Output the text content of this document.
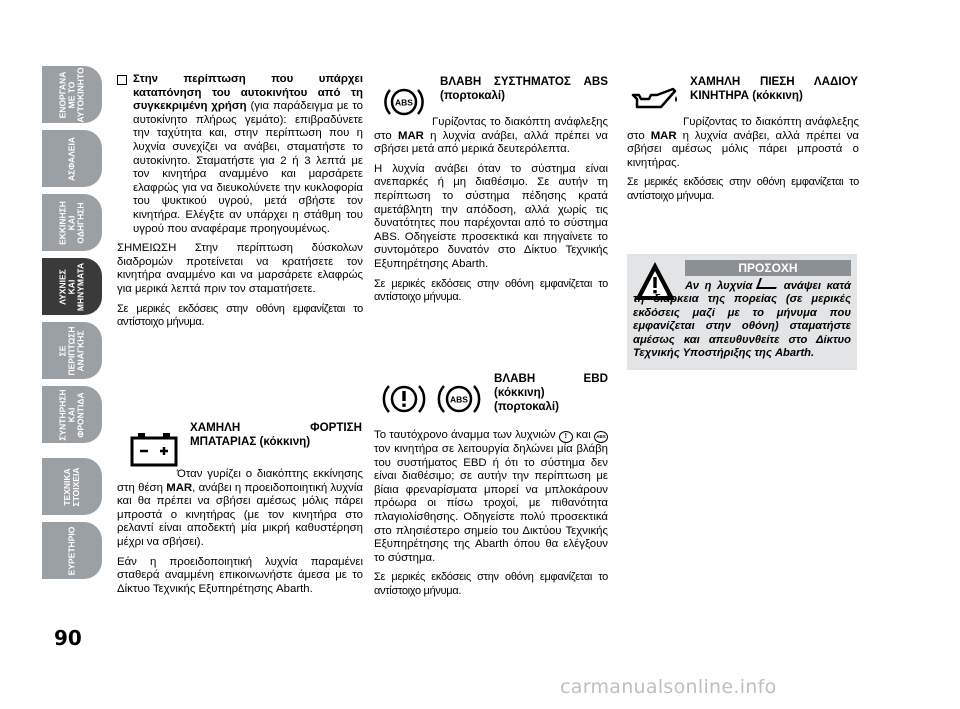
ΕΝΟΡΓΑΝΑ
ΜΕ ΤΟ
ΑΥΤΟΚΙΝΗΤΟ
ΑΣΦΑΛΕΙΑ
ΕΚΚΙΝΗΣΗ
ΚΑΙ
ΟΔΗΓΗΣΗ
ΛΥΧΝΙΕΣ
ΚΑΙ
ΜΗΝΥΜΑΤΑ
ΣΕ
ΠΕΡΙΠΤΩΣΗ
ΑΝΑΓΚΗΣ
ΣΥΝΤΗΡΗΣΗ
ΚΑΙ
ΦΡΟΝΤΙΔΑ
ΤΕΧΝΙΚΑ
ΣΤΟΙΧΕΙΑ
ΕΥΡΕΤΗΡΙΟ
90

Στην περίπτωση που υπάρχει καταπόνηση του αυτοκινήτου από τη συγκεκριμένη χρήση (για παράδειγμα με το αυτοκίνητο πλήρως γεμάτο): επιβραδύνετε την ταχύτητα και, στην περίπτωση που η λυχνία συνεχίζει να ανάβει, σταματήστε το αυτοκίνητο. Σταματήστε για 2 ή 3 λεπτά με τον κινητήρα αναμμένο και μαρσάρετε ελαφρώς για να διευκολύνετε την κυκλοφορία του ψυκτικού υγρού, μετά σβήστε τον κινητήρα. Ελέγξτε αν υπάρχει η στάθμη του υγρού που αναφέραμε προηγουμένως.

ΣΗΜΕΙΩΣΗ Στην περίπτωση δύσκολων διαδρομών προτείνεται να κρατήσετε τον κινητήρα αναμμένο και να μαρσάρετε ελαφρώς για μερικά λεπτά πριν τον σταματήσετε.

Σε μερικές εκδόσεις στην οθόνη εμφανίζεται το αντίστοιχο μήνυμα.

ΧΑΜΗΛΗ ΦΟΡΤΙΣΗ ΜΠΑΤΑΡΙΑΣ (κόκκινη)

Όταν γυρίζει ο διακόπτης εκκίνησης στη θέση MAR, ανάβει η προειδοποιητική λυχνία και θα πρέπει να σβήσει αμέσως μόλις πάρει μπροστά ο κινητήρας (με τον κινητήρα στο ρελαντί είναι αποδεκτή μία μικρή καθυστέρηση μέχρι να σβήσει).

Εάν η προειδοποιητική λυχνία παραμένει σταθερά αναμμένη επικοινωνήστε άμεσα με το Δίκτυο Τεχνικής Εξυπηρέτησης Abarth.

ABS
ΒΛΑΒΗ ΣΥΣΤΗΜΑΤΟΣ ABS (πορτοκαλί)

Γυρίζοντας το διακόπτη ανάφλεξης στο MAR η λυχνία ανάβει, αλλά πρέπει να σβήσει μετά από μερικά δευτερόλεπτα.

Η λυχνία ανάβει όταν το σύστημα είναι ανεπαρκές ή μη διαθέσιμο. Σε αυτήν τη περίπτωση το σύστημα πέδησης κρατά αμετάβλητη την απόδοση, αλλά χωρίς τις δυνατότητες που παρέχονται από το σύστημα ABS. Οδηγείστε προσεκτικά και πηγαίνετε το συντομότερο δυνατόν στο Δίκτυο Τεχνικής Εξυπηρέτησης Abarth.

Σε μερικές εκδόσεις στην οθόνη εμφανίζεται το αντίστοιχο μήνυμα.

ABS
ΒΛΑΒΗ EBD (κόκκινη) (πορτοκαλί)

Το ταυτόχρονο άναμμα των λυχνιών ! και ABS τον κινητήρα σε λειτουργία δηλώνει μία βλάβη του συστήματος EBD ή ότι το σύστημα δεν είναι διαθέσιμο; σε αυτήν την περίπτωση με βίαια φρεναρίσματα μπορεί να μπλοκάρουν πρόωρα οι πίσω τροχοί, με πιθανότητα πλαγιολίσθησης. Οδηγείστε πολύ προσεκτικά στο πλησιέστερο σημείο του Δικτύου Τεχνικής Εξυπηρέτησης της Abarth όπου θα ελέγξουν το σύστημα.

Σε μερικές εκδόσεις στην οθόνη εμφανίζεται το αντίστοιχο μήνυμα.

ΧΑΜΗΛΗ ΠΙΕΣΗ ΛΑΔΙΟΥ ΚΙΝΗΤΗΡΑ (κόκκινη)

Γυρίζοντας το διακόπτη ανάφλεξης στο MAR η λυχνία ανάβει, αλλά πρέπει να σβήσει αμέσως μόλις πάρει μπροστά ο κινητήρας.

Σε μερικές εκδόσεις στην οθόνη εμφανίζεται το αντίστοιχο μήνυμα.

ΠΡΟΣΟΧΗ
Αν η λυχνία  ανάψει κατά τη διάρκεια της πορείας (σε μερικές εκδόσεις μαζί με το μήνυμα που εμφανίζεται στην οθόνη) σταματήστε αμέσως και απευθυνθείτε στο Δίκτυο Τεχνικής Υποστήριξης της Abarth.
carmanualsonline.info
